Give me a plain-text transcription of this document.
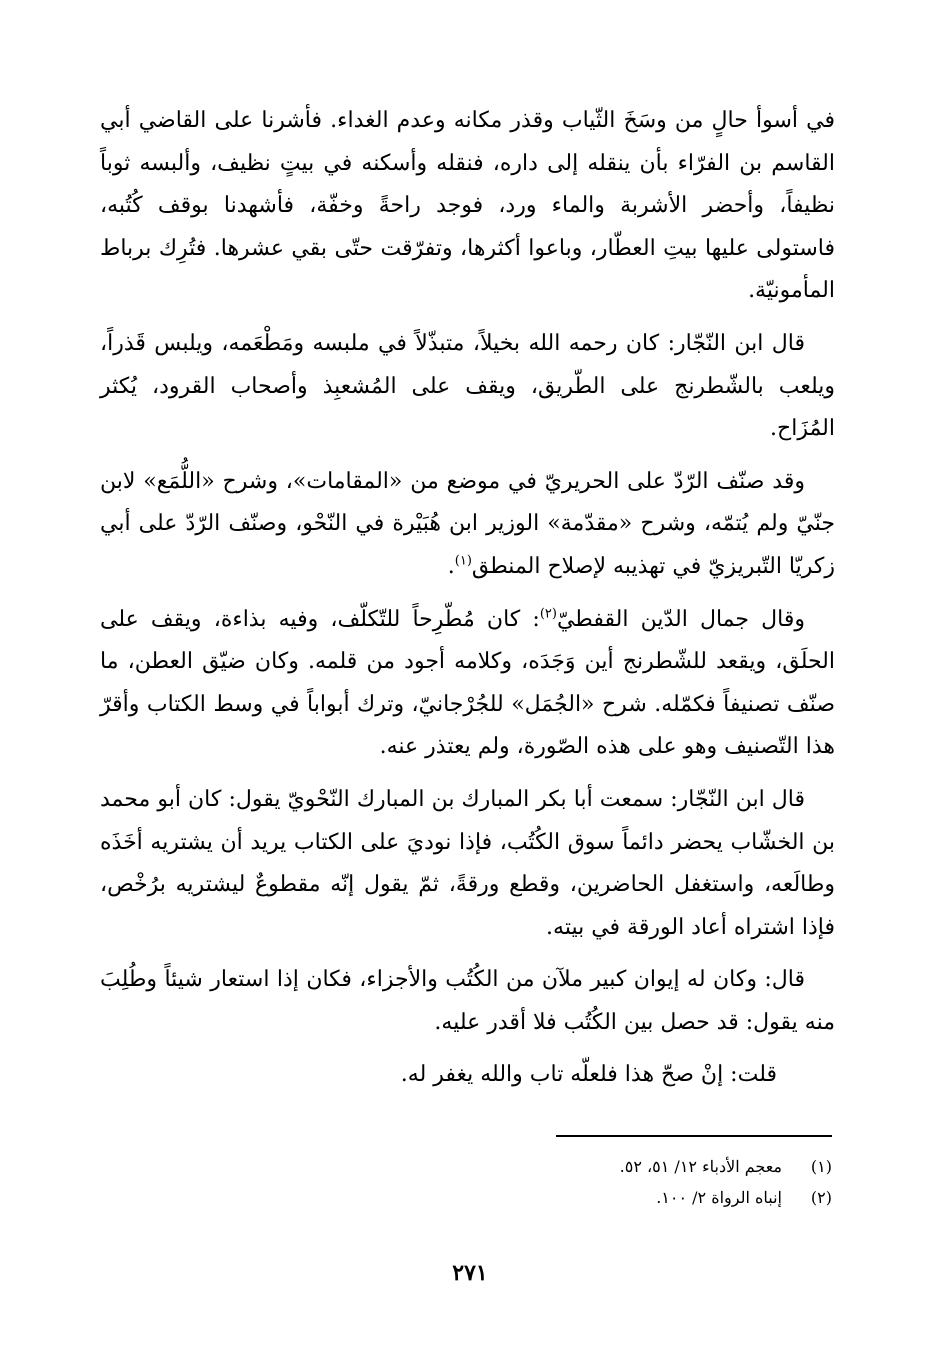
في أسوأ حالٍ من وسَخَ الثّياب وقذر مكانه وعدم الغداء. فأشرنا على القاضي أبي القاسم بن الفرّاء بأن ينقله إلى داره، فنقله وأسكنه في بيتٍ نظيف، وألبسه ثوباً نظيفاً، وأحضر الأشربة والماء ورد، فوجد راحةً وخفّة، فأشهدنا بوقف كُتُبه، فاستولى عليها بيتِ العطّار، وباعوا أكثرها، وتفرّقت حتّى بقي عشرها. فتُرِك برباط المأمونيّة.

قال ابن النّجّار: كان رحمه الله بخيلاً، متبذّلاً في ملبسه ومَطْعَمه، ويلبس قَذراً، ويلعب بالشّطرنج على الطّريق، ويقف على المُشعبِذ وأصحاب القرود، يُكثر المُزَاح.

وقد صنّف الرّدّ على الحريريّ في موضع من «المقامات»، وشرح «اللُّمَع» لابن جنّيّ ولم يُتمّه، وشرح «مقدّمة» الوزير ابن هُبَيْرة في النّحْو، وصنّف الرّدّ على أبي زكريّا التّبريزيّ في تهذيبه لإصلاح المنطق$^{(١)}$.

وقال جمال الدّين القفطيّ$^{(٢)}$: كان مُطّرِحاً للتّكلّف، وفيه بذاءة، ويقف على الحلَق، ويقعد للشّطرنج أين وَجَدَه، وكلامه أجود من قلمه. وكان ضيّق العطن، ما صنّف تصنيفاً فكمّله. شرح «الجُمَل» للجُرْجانيّ، وترك أبواباً في وسط الكتاب وأقرّ هذا التّصنيف وهو على هذه الصّورة، ولم يعتذر عنه.

قال ابن النّجّار: سمعت أبا بكر المبارك بن المبارك النّحْويّ يقول: كان أبو محمد بن الخشّاب يحضر دائماً سوق الكُتُب، فإذا نوديَ على الكتاب يريد أن يشتريه أخَذَه وطالَعه، واستغفل الحاضرين، وقطع ورقةً، ثمّ يقول إنّه مقطوعٌ ليشتريه برُخْص، فإذا اشتراه أعاد الورقة في بيته.

قال: وكان له إيوان كبير ملآن من الكُتُب والأجزاء، فكان إذا استعار شيئاً وطُلِبَ منه يقول: قد حصل بين الكُتُب فلا أقدر عليه.

قلت: إنْ صحّ هذا فلعلّه تاب والله يغفر له.

(١)
معجم الأدباء ١٢/ ٥١، ٥٢.
(٢)
إنباه الرواة ٢/ ١٠٠.
٢٧١
